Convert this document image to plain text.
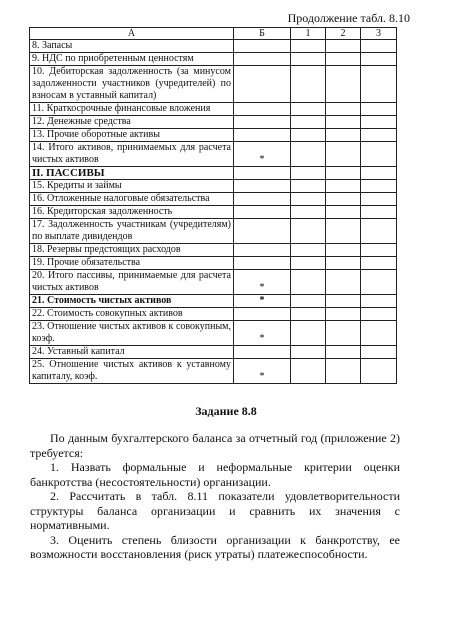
Продолжение табл. 8.10
А	Б	1	2	3
8. Запасы				
9. НДС по приобретенным ценностям				
10. Дебиторская задолженность (за минусом задолженности участников (учредителей) по взносам в уставный капитал)				
11. Краткосрочные финансовые вложения				
12. Денежные средства				
13. Прочие оборотные активы				
14. Итого активов, принимаемых для расчета чистых активов	*			
II. ПАССИВЫ				
15. Кредиты и займы				
16. Отложенные налоговые обязательства				
16. Кредиторская задолженность				
17. Задолженность участникам (учредителям) по выплате дивидендов				
18. Резервы предстоящих расходов				
19. Прочие обязательства				
20. Итого пассивы, принимаемые для расчета чистых активов	*			
21. Стоимость чистых активов	*			
22. Стоимость совокупных активов				
23. Отношение чистых активов к совокупным, коэф.	*			
24. Уставный капитал				
25. Отношение чистых активов к уставному капиталу, коэф.	*			
Задание 8.8

По данным бухгалтерского баланса за отчетный год (приложение 2) требуется:

1. Назвать формальные и неформальные критерии оценки банкротства (несостоятельности) организации.

2. Рассчитать в табл. 8.11 показатели удовлетворительности структуры баланса организации и сравнить их значения с нормативными.

3. Оценить степень близости организации к банкротству, ее возможности восстановления (риск утраты) платежеспособности.
